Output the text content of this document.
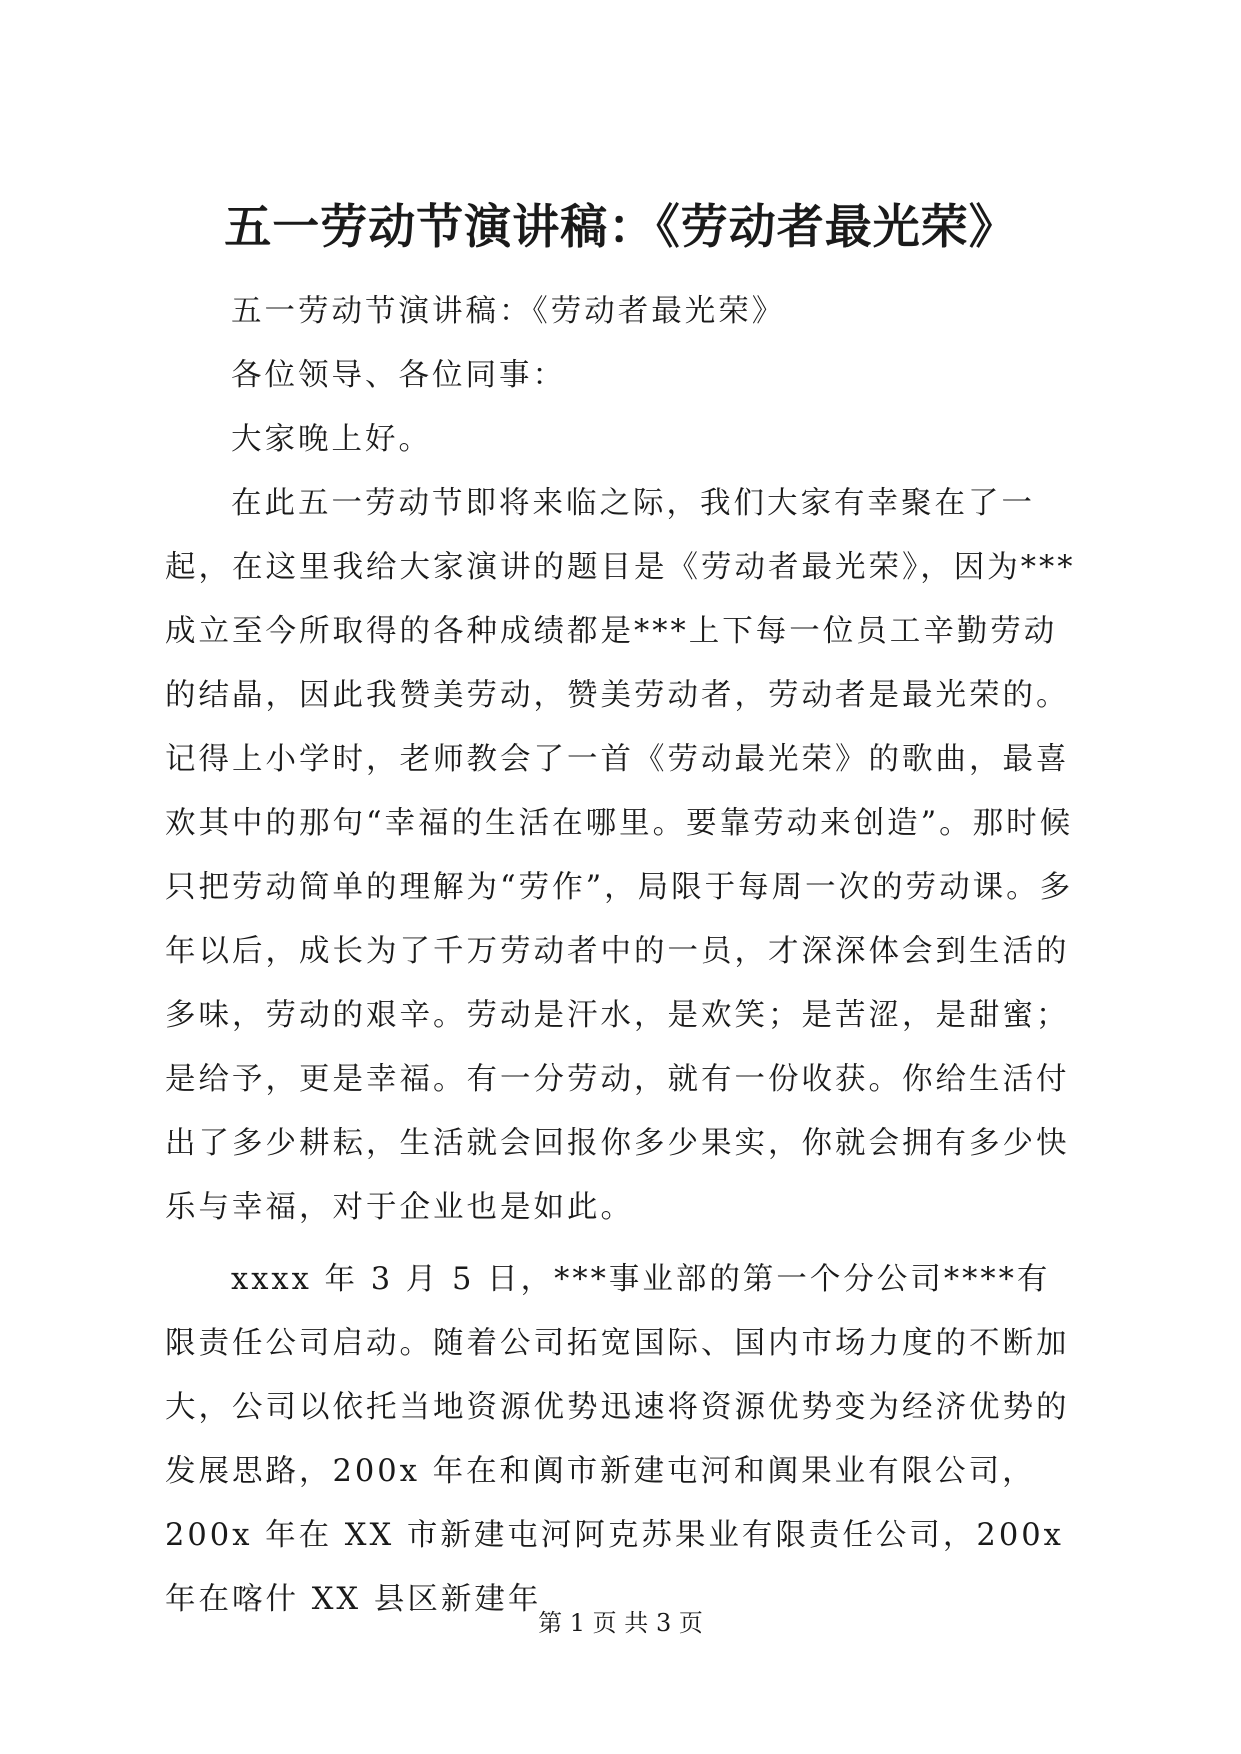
五一劳动节演讲稿：《劳动者最光荣》

五一劳动节演讲稿：《劳动者最光荣》

各位领导、各位同事：

大家晚上好。

在此五一劳动节即将来临之际，我们大家有幸聚在了一起，在这里我给大家演讲的题目是《劳动者最光荣》，因为***成立至今所取得的各种成绩都是***上下每一位员工辛勤劳动的结晶，因此我赞美劳动，赞美劳动者，劳动者是最光荣的。记得上小学时，老师教会了一首《劳动最光荣》的歌曲，最喜欢其中的那句“幸福的生活在哪里。要靠劳动来创造”。那时候只把劳动简单的理解为“劳作”，局限于每周一次的劳动课。多年以后，成长为了千万劳动者中的一员，才深深体会到生活的多味，劳动的艰辛。劳动是汗水，是欢笑；是苦涩，是甜蜜；是给予，更是幸福。有一分劳动，就有一份收获。你给生活付出了多少耕耘，生活就会回报你多少果实，你就会拥有多少快乐与幸福，对于企业也是如此。

xxxx 年 3 月 5 日，***事业部的第一个分公司****有限责任公司启动。随着公司拓宽国际、国内市场力度的不断加大，公司以依托当地资源优势迅速将资源优势变为经济优势的发展思路，200x 年在和阗市新建屯河和阗果业有限公司，200x 年在 XX 市新建屯河阿克苏果业有限责任公司，200x 年在喀什 XX 县区新建年

第 1 页 共 3 页
